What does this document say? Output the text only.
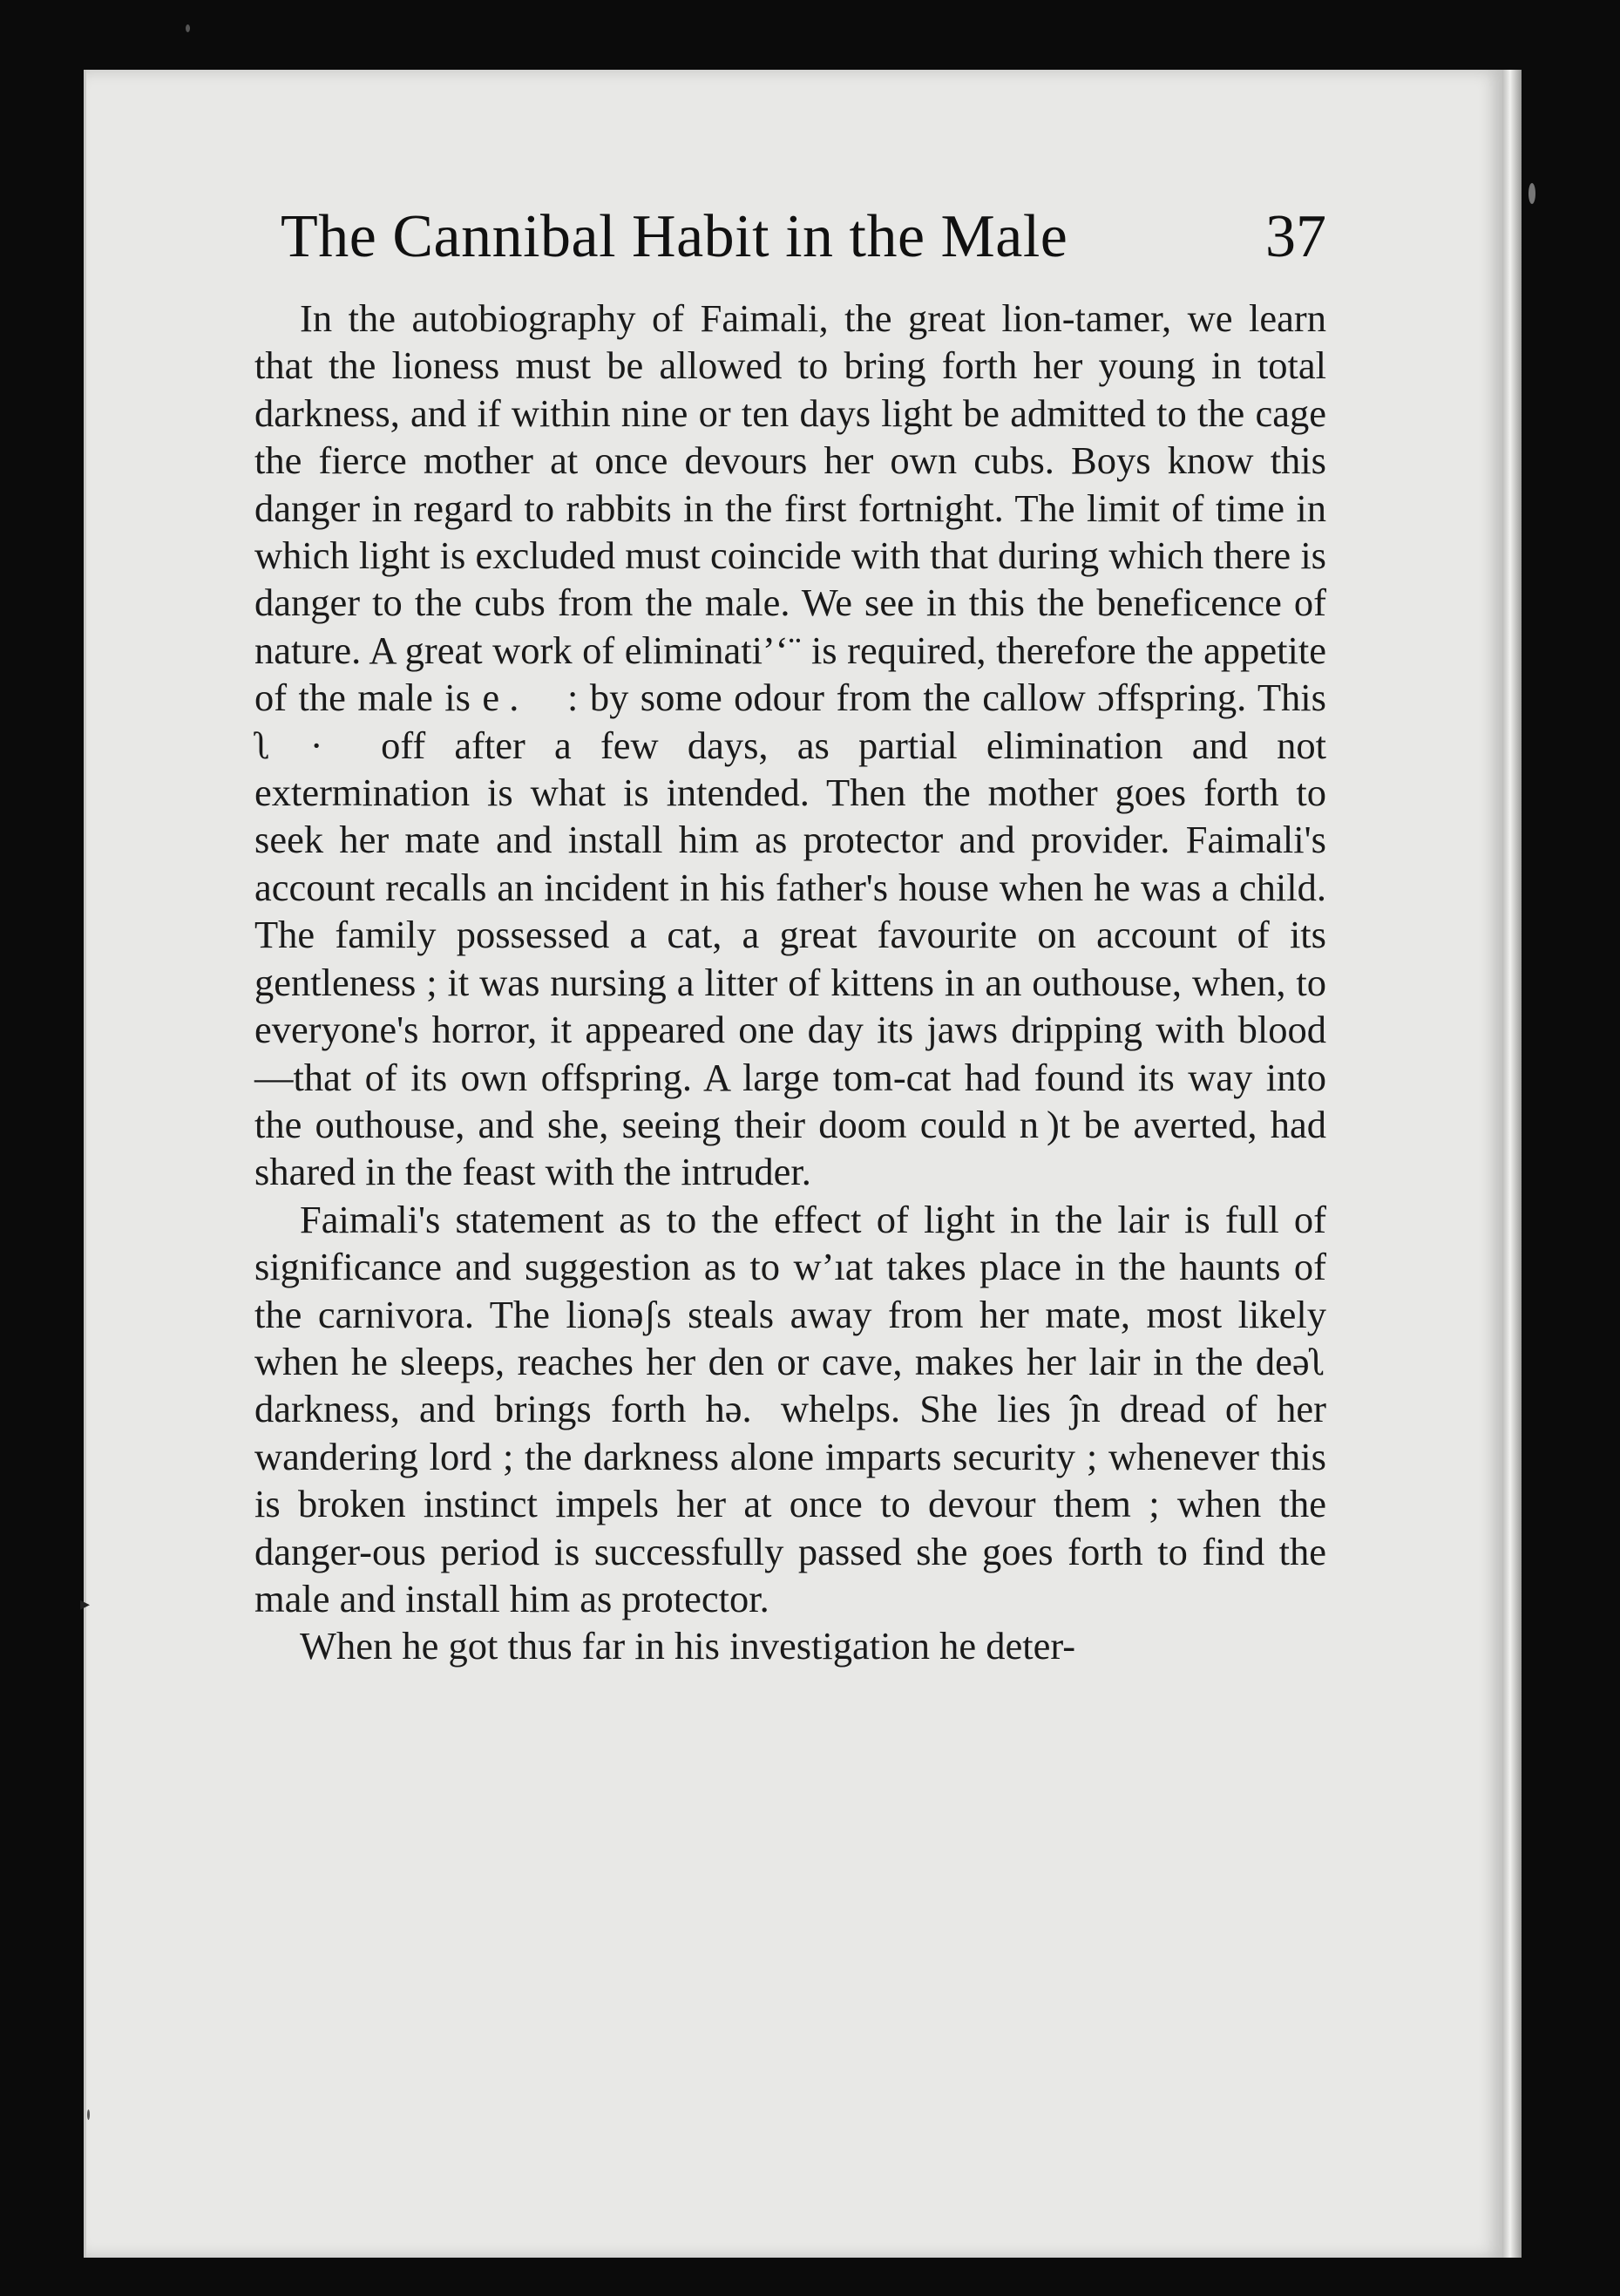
The Cannibal Habit in the Male	37

In the autobiography of Faimali, the great lion-tamer, we learn that the lioness must be allowed to bring forth her young in total darkness, and if within nine or ten days light be admitted to the cage the fierce mother at once devours her own cubs. Boys know this danger in regard to rabbits in the first fortnight. The limit of time in which light is excluded must coincide with that during which there is danger to the cubs from the male. We see in this the beneficence of nature. A great work of eliminati’‘¨ is required, therefore the appetite of the male is e .     : by some odour from the callow ɔffspring. This ʅ  ·    off after a few days, as partial elimination and not extermination is what is intended. Then the mother goes forth to seek her mate and install him as protector and provider. Faimali's account recalls an incident in his father's house when he was a child. The family possessed a cat, a great favourite on account of its gentleness ; it was nursing a litter of kittens in an outhouse, when, to everyone's horror, it appeared one day its jaws dripping with blood—that of its own offspring. A large tom-cat had found its way into the outhouse, and she, seeing their doom could n )t be averted, had shared in the feast with the intruder.

Faimali's statement as to the effect of light in the lair is full of significance and suggestion as to w’ıat takes place in the haunts of the carnivora. The lionəʃs steals away from her mate, most likely when he sleeps, reaches her den or cave, makes her lair in the deəʅ darkness, and brings forth hə.  whelps. She lies ĵn dread of her wandering lord ; the darkness alone imparts security ; whenever this is broken instinct impels her at once to devour them ; when the danger-ous period is successfully passed she goes forth to find the male and install him as protector.

When he got thus far in his investigation he deter-

▸
